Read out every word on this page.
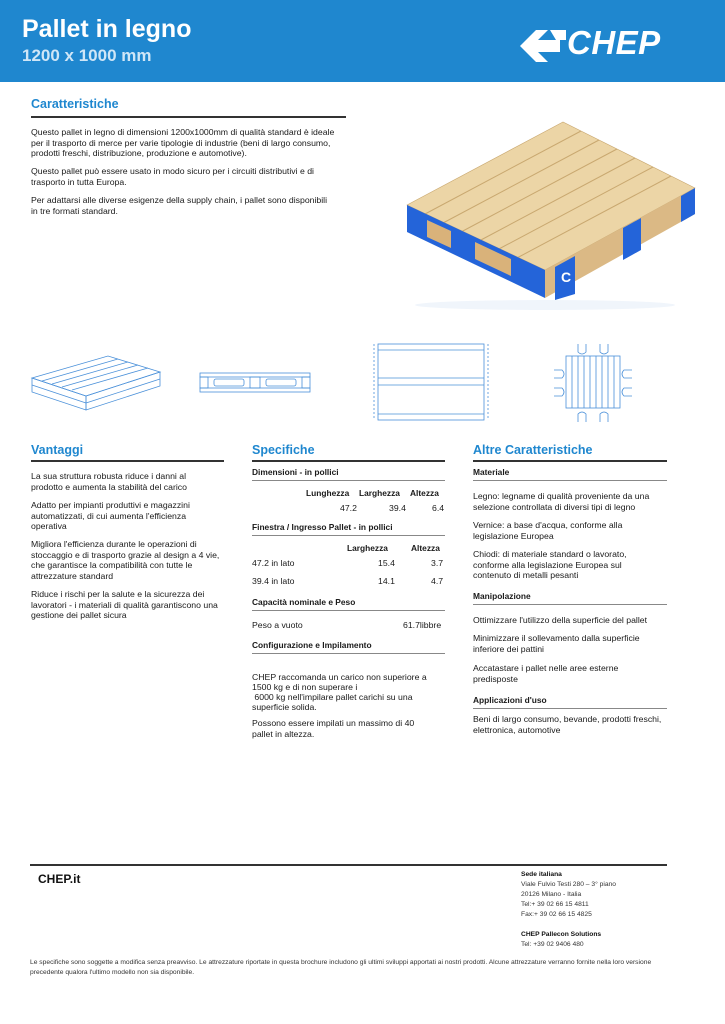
Pallet in legno
1200 x 1000 mm	CHEP
Caratteristiche
Questo pallet in legno di dimensioni 1200x1000mm di qualità standard è ideale per il trasporto di merce per varie tipologie di industrie (beni di largo consumo, prodotti freschi, distribuzione, produzione e automotive).
Questo pallet può essere usato in modo sicuro per i circuiti distributivi e di trasporto in tutta Europa.
Per adattarsi alle diverse esigenze della supply chain, i pallet sono disponibili in tre formati standard.
C
Vantaggi
La sua struttura robusta riduce i danni al prodotto e aumenta la stabilità del carico
Adatto per impianti produttivi e magazzini automatizzati, di cui aumenta l'efficienza operativa
Migliora l'efficienza durante le operazioni di stoccaggio e di trasporto grazie al design a 4 vie, che garantisce la compatibilità con tutte le attrezzature standard
Riduce i rischi per la salute e la sicurezza dei lavoratori - i materiali di qualità garantiscono una gestione dei pallet sicura
Specifiche
Dimensioni - in pollici
Lunghezza Larghezza Altezza
47.2	39.4	6.4
Finestra / Ingresso Pallet - in pollici
Larghezza	Altezza
47.2 in lato	15.4	3.7
39.4 in lato	14.1	4.7
Capacità nominale e Peso
Peso a vuoto	61.7libbre
Configurazione e Impilamento
CHEP raccomanda un carico non superiore a
1500 kg e di non superare i
6000 kg nell'impilare pallet carichi su una
superficie solida.
Possono essere impilati un massimo di 40 pallet in altezza.
Altre Caratteristiche
Materiale
Legno: legname di qualità proveniente da una selezione controllata di diversi tipi di legno
Vernice: a base d'acqua, conforme alla legislazione Europea
Chiodi: di materiale standard o lavorato, conforme alla legislazione Europea sul contenuto di metalli pesanti
Manipolazione
Ottimizzare l'utilizzo della superficie del pallet
Minimizzare il sollevamento dalla superficie inferiore dei pattini
Accatastare i pallet nelle aree esterne predisposte
Applicazioni d'uso
Beni di largo consumo, bevande, prodotti freschi, elettronica, automotive
CHEP.it	Sede italiana
Viale Fulvio Testi 280 – 3° piano
20126 Milano - Italia
Tel:+ 39 02 66 15 4811
Fax:+ 39 02 66 15 4825
CHEP Pallecon Solutions
Tel: +39 02 9406 480
Le specifiche sono soggette a modifica senza preavviso. Le attrezzature riportate in questa brochure includono gli ultimi sviluppi apportati ai nostri prodotti. Alcune attrezzature verranno fornite nella loro versione precedente qualora l'ultimo modello non sia disponibile.
